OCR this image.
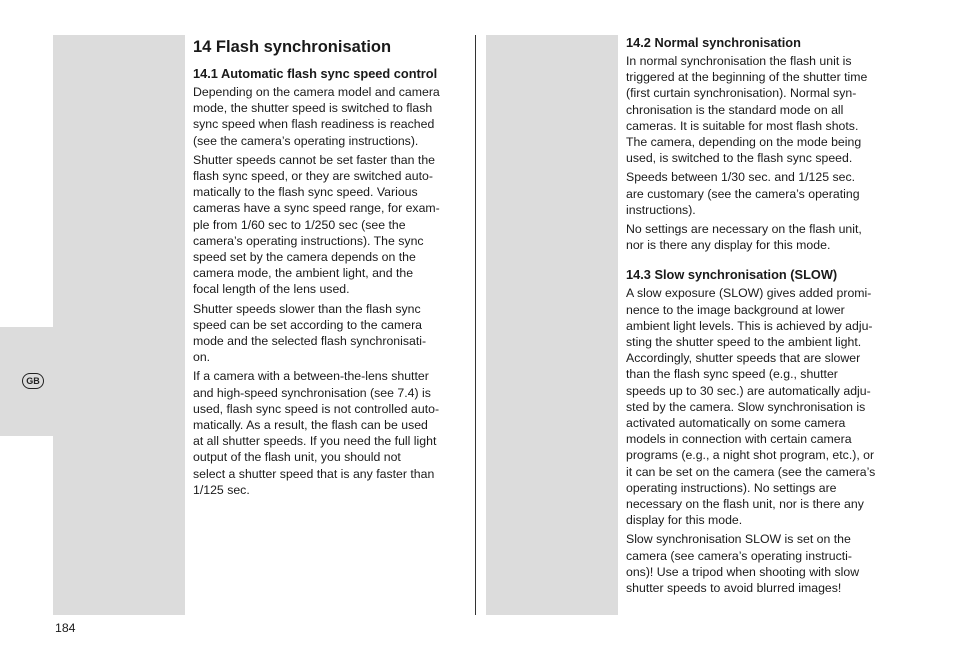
GB
14 Flash synchronisation
14.1 Automatic flash sync speed control

Depending on the camera model and camera
mode, the shutter speed is switched to flash
sync speed when flash readiness is reached
(see the camera’s operating instructions).

Shutter speeds cannot be set faster than the
flash sync speed, or they are switched auto-
matically to the flash sync speed. Various
cameras have a sync speed range, for exam-
ple from 1/60 sec to 1/250 sec (see the
camera’s operating instructions). The sync
speed set by the camera depends on the
camera mode, the ambient light, and the
focal length of the lens used.

Shutter speeds slower than the flash sync
speed can be set according to the camera
mode and the selected flash synchronisati-
on.

If a camera with a between-the-lens shutter
and high-speed synchronisation (see 7.4) is
used, flash sync speed is not controlled auto-
matically. As a result, the flash can be used
at all shutter speeds. If you need the full light
output of the flash unit, you should not
select a shutter speed that is any faster than
1/125 sec.

14.2 Normal synchronisation

In normal synchronisation the flash unit is
triggered at the beginning of the shutter time
(first curtain synchronisation). Normal syn-
chronisation is the standard mode on all
cameras. It is suitable for most flash shots.
The camera, depending on the mode being
used, is switched to the flash sync speed.

Speeds between 1/30 sec. and 1/125 sec.
are customary (see the camera’s operating
instructions).

No settings are necessary on the flash unit,
nor is there any display for this mode.

14.3 Slow synchronisation (SLOW)

A slow exposure (SLOW) gives added promi-
nence to the image background at lower
ambient light levels. This is achieved by adju-
sting the shutter speed to the ambient light.
Accordingly, shutter speeds that are slower
than the flash sync speed (e.g., shutter
speeds up to 30 sec.) are automatically adju-
sted by the camera. Slow synchronisation is
activated automatically on some camera
models in connection with certain camera
programs (e.g., a night shot program, etc.), or
it can be set on the camera (see the camera’s
operating instructions). No settings are
necessary on the flash unit, nor is there any
display for this mode.

Slow synchronisation SLOW is set on the
camera (see camera’s operating instructi-
ons)! Use a tripod when shooting with slow
shutter speeds to avoid blurred images!

184
